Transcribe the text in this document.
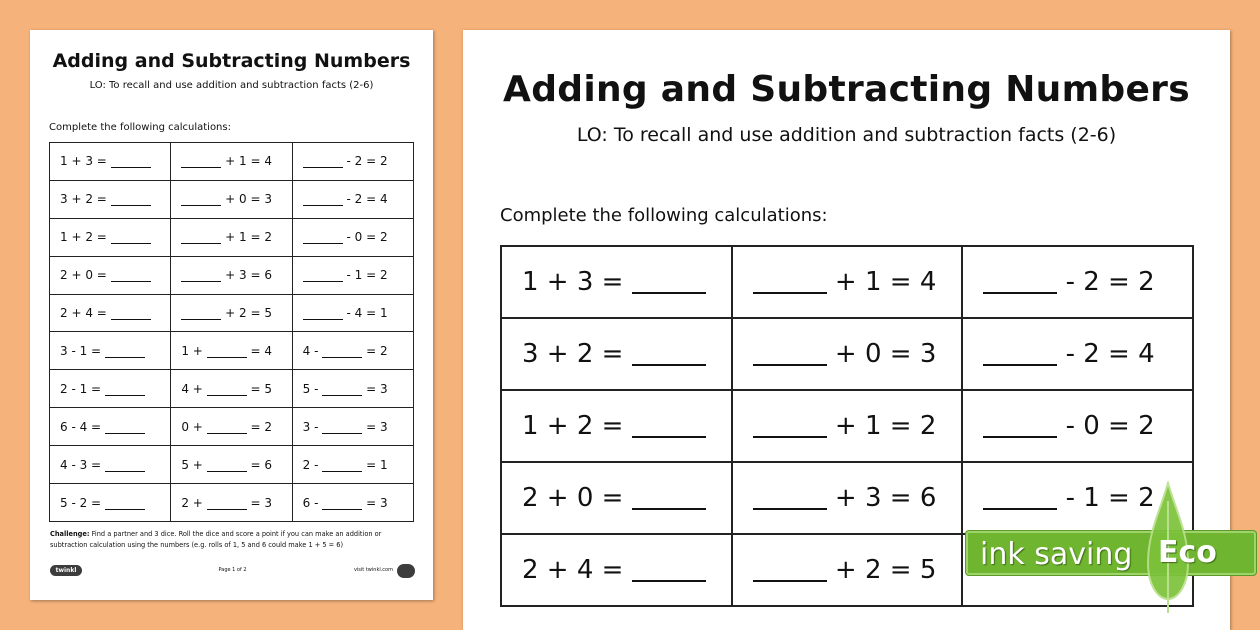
Adding and Subtracting Numbers
LO: To recall and use addition and subtraction facts (2-6)
Complete the following calculations:
1 + 3 =	+ 1 = 4	- 2 = 2
3 + 2 =	+ 0 = 3	- 2 = 4
1 + 2 =	+ 1 = 2	- 0 = 2
2 + 0 =	+ 3 = 6	- 1 = 2
2 + 4 =	+ 2 = 5	- 4 = 1
3 - 1 =	1 + = 4	4 - = 2
2 - 1 =	4 + = 5	5 - = 3
6 - 4 =	0 + = 2	3 - = 3
4 - 3 =	5 + = 6	2 - = 1
5 - 2 =	2 + = 3	6 - = 3
Challenge: Find a partner and 3 dice. Roll the dice and score a point if you can make an addition or subtraction calculation using the numbers (e.g. rolls of 1, 5 and 6 could make 1 + 5 = 6)
twinkl	Page 1 of 2	visit twinkl.com
Adding and Subtracting Numbers
LO: To recall and use addition and subtraction facts (2-6)
Complete the following calculations:
1 + 3 =	+ 1 = 4	- 2 = 2
3 + 2 =	+ 0 = 3	- 2 = 4
1 + 2 =	+ 1 = 2	- 0 = 2
2 + 0 =	+ 3 = 6	- 1 = 2
2 + 4 =	+ 2 = 5	ink saving Eco
